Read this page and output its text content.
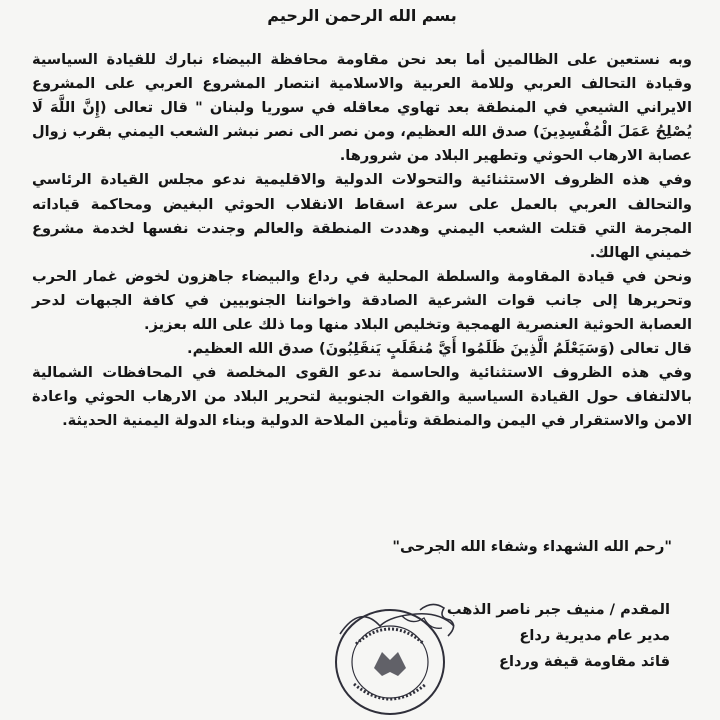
بسم الله الرحمن الرحيم

وبه نستعين على الظالمين أما بعد نحن مقاومة محافظة البيضاء نبارك للقيادة السياسية وقيادة التحالف العربي وللامة العربية والاسلامية انتصار المشروع العربي على المشروع الايراني الشيعي في المنطقة بعد تهاوي معاقله في سوريا ولبنان " قال تعالى (إِنَّ اللَّهَ لَا يُصْلِحُ عَمَلَ الْمُفْسِدِينَ) صدق الله العظيم، ومن نصر الى نصر نبشر الشعب اليمني بقرب زوال عصابة الارهاب الحوثي وتطهير البلاد من شرورها.

وفي هذه الظروف الاستثنائية والتحولات الدولية والاقليمية ندعو مجلس القيادة الرئاسي والتحالف العربي بالعمل على سرعة اسقاط الانقلاب الحوثي البغيض ومحاكمة قياداته المجرمة التي قتلت الشعب اليمني وهددت المنطقة والعالم وجندت نفسها لخدمة مشروع خميني الهالك.

ونحن في قيادة المقاومة والسلطة المحلية في رداع والبيضاء جاهزون لخوض غمار الحرب وتحريرها إلى جانب قوات الشرعية الصادقة واخواننا الجنوبيين في كافة الجبهات لدحر العصابة الحوثية العنصرية الهمجية وتخليص البلاد منها وما ذلك على الله بعزيز.

قال تعالى (وَسَيَعْلَمُ الَّذِينَ ظَلَمُوا أَيَّ مُنقَلَبٍ يَنقَلِبُونَ) صدق الله العظيم.

وفي هذه الظروف الاستثنائية والحاسمة ندعو القوى المخلصة في المحافظات الشمالية بالالتفاف حول القيادة السياسية والقوات الجنوبية لتحرير البلاد من الارهاب الحوثي واعادة الامن والاستقرار في اليمن والمنطقة وتأمين الملاحة الدولية وبناء الدولة اليمنية الحديثة.

"رحم الله الشهداء وشفاء الله الجرحى"
المقدم / منيف جبر ناصر الذهب
مدير عام مديرية رداع
قائد مقاومة قيفة ورداع
